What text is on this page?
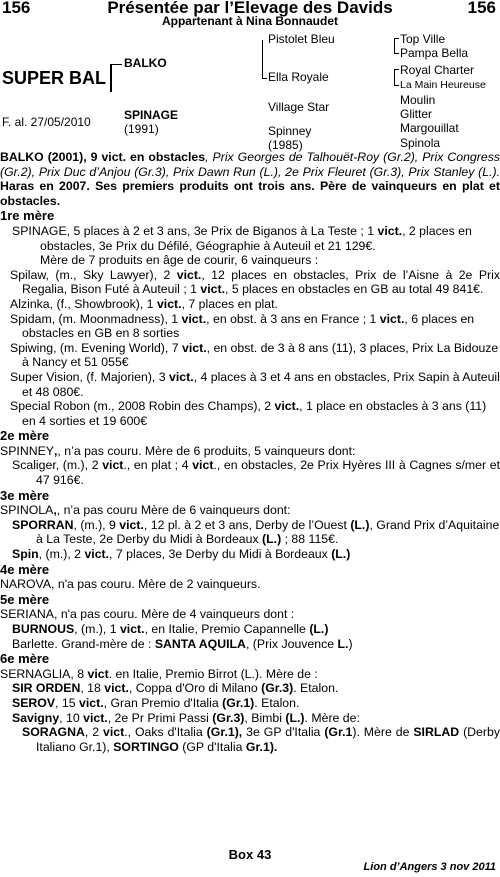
Présentée par l’Elevage des Davids
156	156
Appartenant à Nina Bonnaudet
SUPER BAL
F. al. 27/05/2010
BALKO
SPINAGE
(1991)
Pistolet Bleu
Ella Royale
Village Star
Spinney
(1985)
Top Ville
Pampa Bella
Royal Charter
La Main Heureuse
Moulin
Glitter
Margouillat
Spinola

BALKO (2001), 9 vict. en obstacles, Prix Georges de Talhouët-Roy (Gr.2), Prix Congress (Gr.2), Prix Duc d’Anjou (Gr.3), Prix Dawn Run (L.), 2e Prix Fleuret (Gr.3), Prix Stanley (L.). Haras en 2007. Ses premiers produits ont trois ans. Père de vainqueurs en plat et obstacles.

1re mère

SPINAGE, 5 places à 2 et 3 ans, 3e Prix de Biganos à La Teste ; 1 vict., 2 places en obstacles, 3e Prix du Défilé, Géographie à Auteuil et 21 129€.

Mère de 7 produits en âge de courir, 6 vainqueurs :

Spilaw, (m., Sky Lawyer), 2 vict., 12 places en obstacles, Prix de l’Aisne à 2e Prix Regalia, Bison Futé à Auteuil ; 1 vict., 5 places en obstacles en GB au total 49 841€.

Alzinka, (f., Showbrook), 1 vict., 7 places en plat.

Spidam, (m. Moonmadness), 1 vict., en obst. à 3 ans en France ; 1 vict., 6 places en obstacles en GB en 8 sorties

Spiwing, (m. Evening World), 7 vict., en obst. de 3 à 8 ans (11), 3 places, Prix La Bidouze à Nancy et 51 055€

Super Vision, (f. Majorien), 3 vict., 4 places à 3 et 4 ans en obstacles, Prix Sapin à Auteuil et 48 080€.

Special Robon (m., 2008 Robin des Champs), 2 vict., 1 place en obstacles à 3 ans (11) en 4 sorties et 19 600€

2e mère

SPINNEY,, n’a pas couru. Mère de 6 produits, 5 vainqueurs dont:

Scaliger, (m.), 2 vict., en plat ; 4 vict., en obstacles, 2e Prix Hyères III à Cagnes s/mer et 47 916€.

3e mère

SPINOLA,, n’a pas couru Mère de 6 vainqueurs dont:

SPORRAN, (m.), 9 vict., 12 pl. à 2 et 3 ans, Derby de l’Ouest (L.), Grand Prix d’Aquitaine à La Teste, 2e Derby du Midi à Bordeaux (L.) ; 88 115€.

Spin, (m.), 2 vict., 7 places, 3e Derby du Midi à Bordeaux (L.)

4e mère

NAROVA, n'a pas couru. Mère de 2 vainqueurs.

5e mère

SERIANA, n'a pas couru. Mère de 4 vainqueurs dont :

BURNOUS, (m.), 1 vict., en Italie, Premio Capannelle (L.)

Barlette. Grand-mère de : SANTA AQUILA, (Prix Jouvence L.)

6e mère

SERNAGLIA, 8 vict. en Italie, Premio Birrot (L.). Mère de :

SIR ORDEN, 18 vict., Coppa d'Oro di Milano (Gr.3). Etalon.

SEROV, 15 vict., Gran Premio d'Italia (Gr.1). Etalon.

Savigny, 10 vict., 2e Pr Primi Passi (Gr.3), Bimbi (L.). Mère de:

SORAGNA, 2 vict., Oaks d'Italia (Gr.1), 3e GP d'Italia (Gr.1). Mère de SIRLAD (Derby Italiano Gr.1), SORTINGO (GP d'Italia Gr.1).

Box 43
Lion d’Angers 3 nov 2011
